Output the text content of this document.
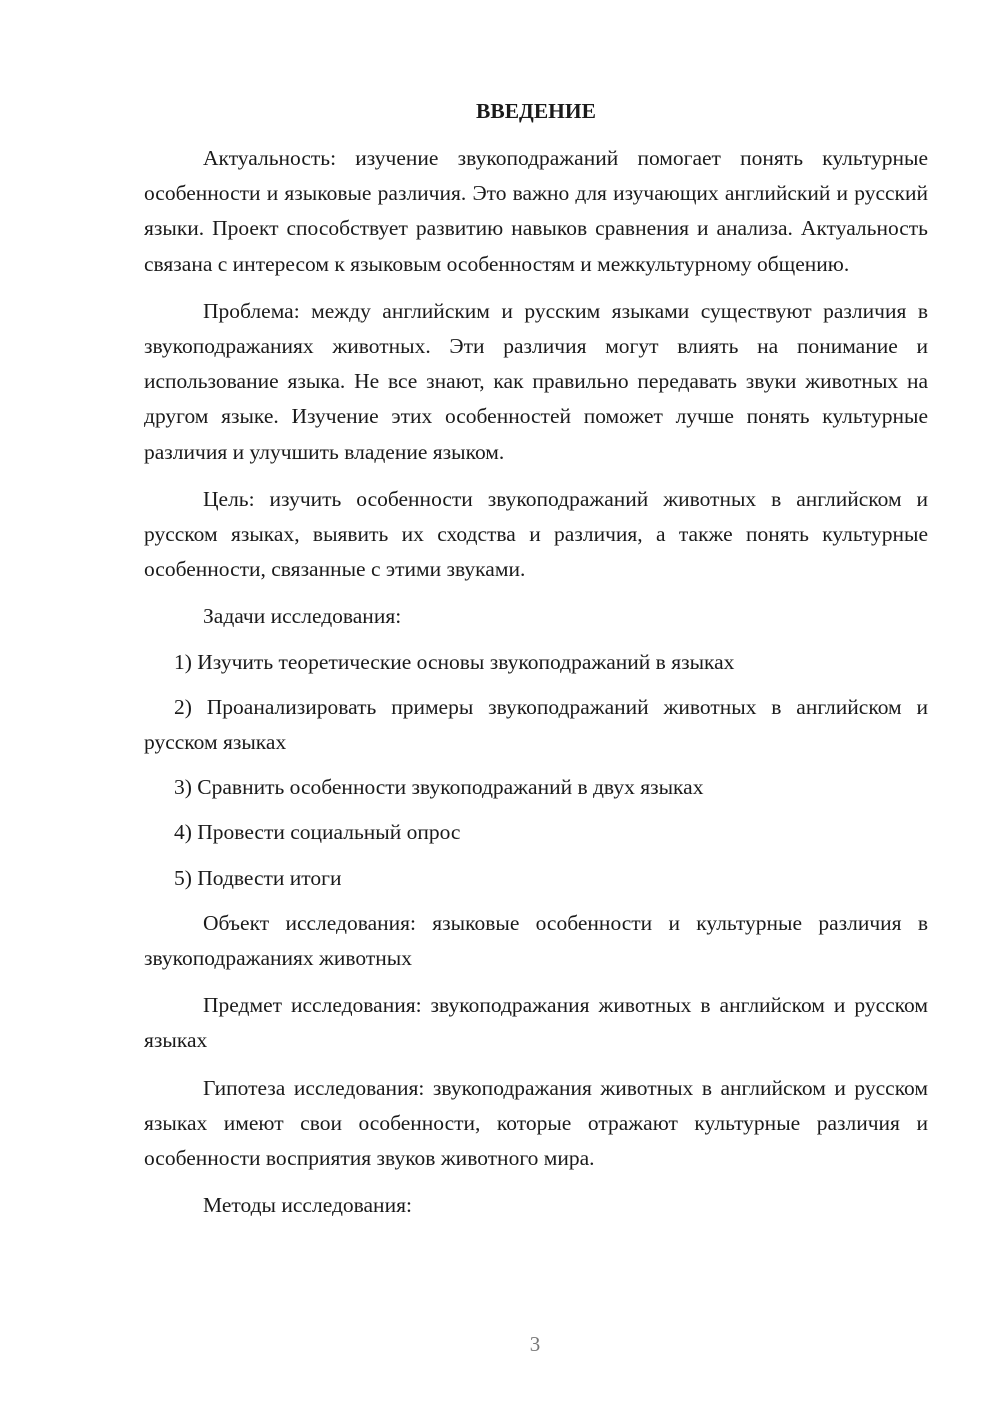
ВВЕДЕНИЕ

Актуальность: изучение звукоподражаний помогает понять культурные особенности и языковые различия. Это важно для изучающих английский и русский языки. Проект способствует развитию навыков сравнения и анализа. Актуальность связана с интересом к языковым особенностям и межкультурному общению.

Проблема: между английским и русским языками существуют различия в звукоподражаниях животных. Эти различия могут влиять на понимание и использование языка. Не все знают, как правильно передавать звуки животных на другом языке. Изучение этих особенностей поможет лучше понять культурные различия и улучшить владение языком.

Цель: изучить особенности звукоподражаний животных в английском и русском языках, выявить их сходства и различия, а также понять культурные особенности, связанные с этими звуками.

Задачи исследования:

1) Изучить теоретические основы звукоподражаний в языках

2) Проанализировать примеры звукоподражаний животных в английском и русском языках

3) Сравнить особенности звукоподражаний в двух языках

4) Провести социальный опрос

5) Подвести итоги

Объект исследования: языковые особенности и культурные различия в звукоподражаниях животных

Предмет исследования: звукоподражания животных в английском и русском языках

Гипотеза исследования: звукоподражания животных в английском и русском языках имеют свои особенности, которые отражают культурные различия и особенности восприятия звуков животного мира.

Методы исследования:

3
